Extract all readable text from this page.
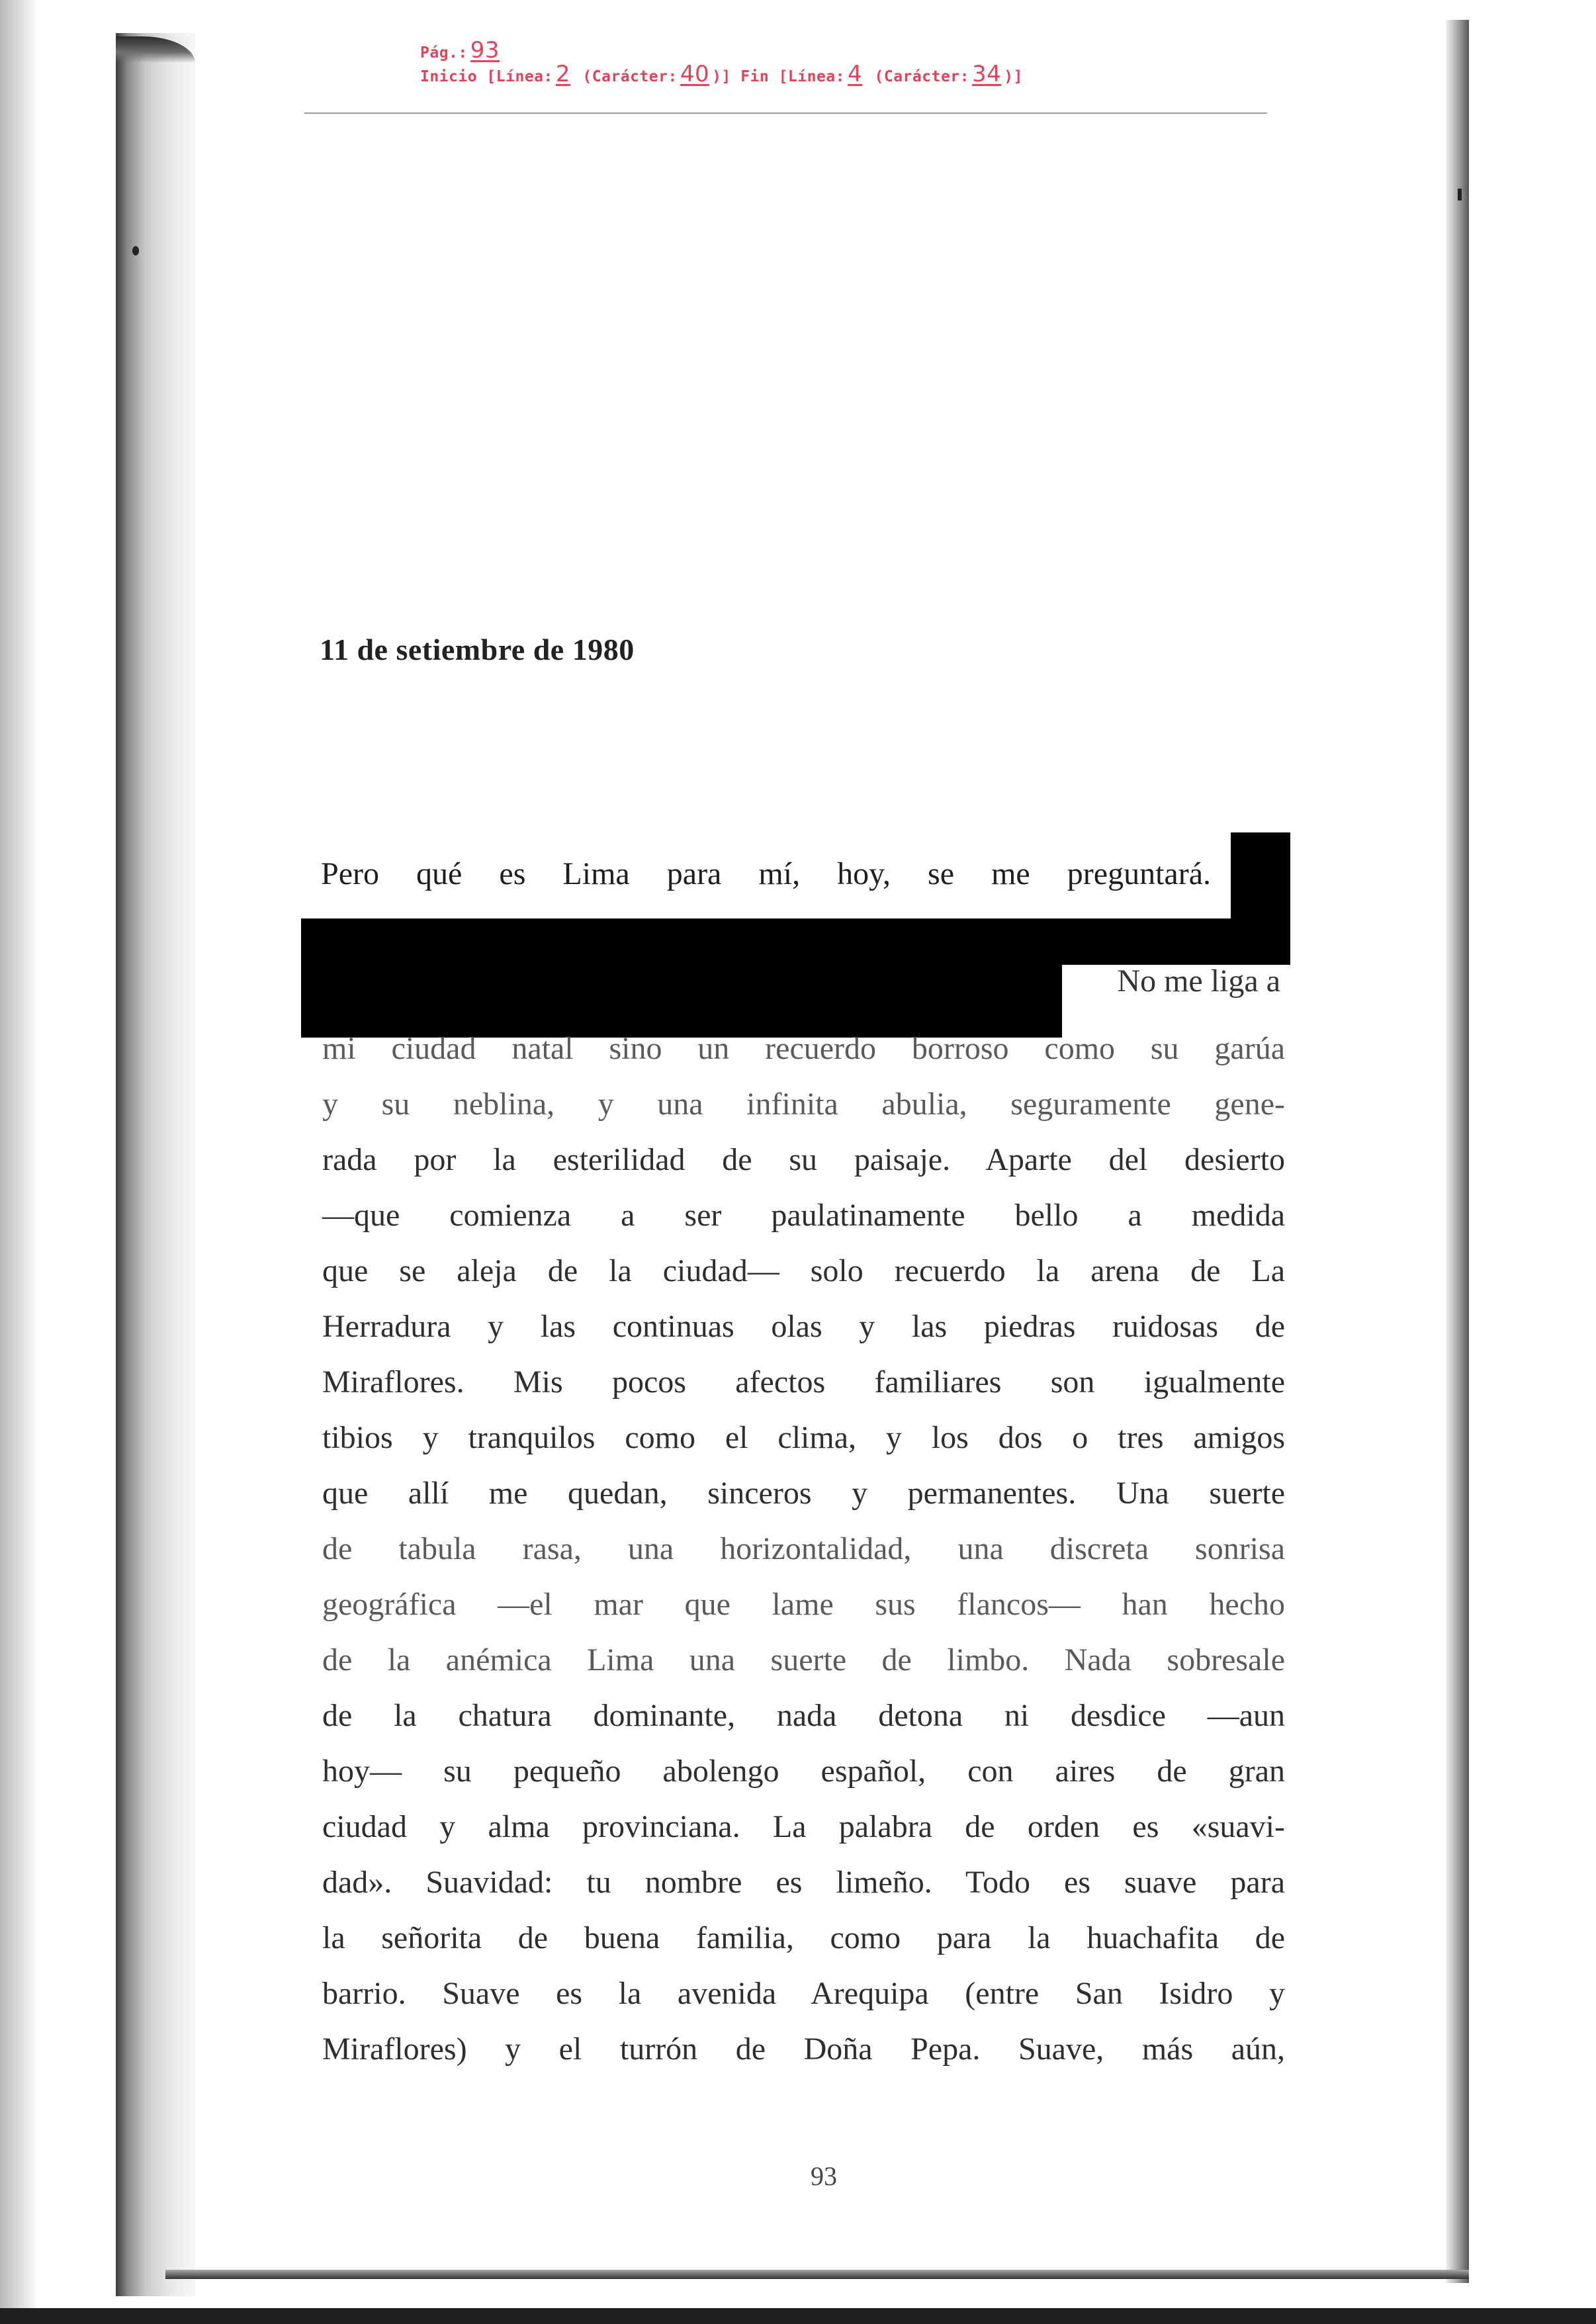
Pág.: 93
Inicio [Línea: 2 (Carácter: 40 )] Fin [Línea: 4 (Carácter: 34 )]
11 de setiembre de 1980
Pero qué es Lima para mí, hoy, se me preguntará.
No me liga a
mi ciudad natal sino un recuerdo borroso como su garúa
y su neblina, y una infinita abulia, seguramente gene-
rada por la esterilidad de su paisaje. Aparte del desierto
—que comienza a ser paulatinamente bello a medida
que se aleja de la ciudad— solo recuerdo la arena de La
Herradura y las continuas olas y las piedras ruidosas de
Miraflores. Mis pocos afectos familiares son igualmente
tibios y tranquilos como el clima, y los dos o tres amigos
que allí me quedan, sinceros y permanentes. Una suerte
de tabula rasa, una horizontalidad, una discreta sonrisa
geográfica —el mar que lame sus flancos— han hecho
de la anémica Lima una suerte de limbo. Nada sobresale
de la chatura dominante, nada detona ni desdice —aun
hoy— su pequeño abolengo español, con aires de gran
ciudad y alma provinciana. La palabra de orden es «suavi-
dad». Suavidad: tu nombre es limeño. Todo es suave para
la señorita de buena familia, como para la huachafita de
barrio. Suave es la avenida Arequipa (entre San Isidro y
Miraflores) y el turrón de Doña Pepa. Suave, más aún,
93
